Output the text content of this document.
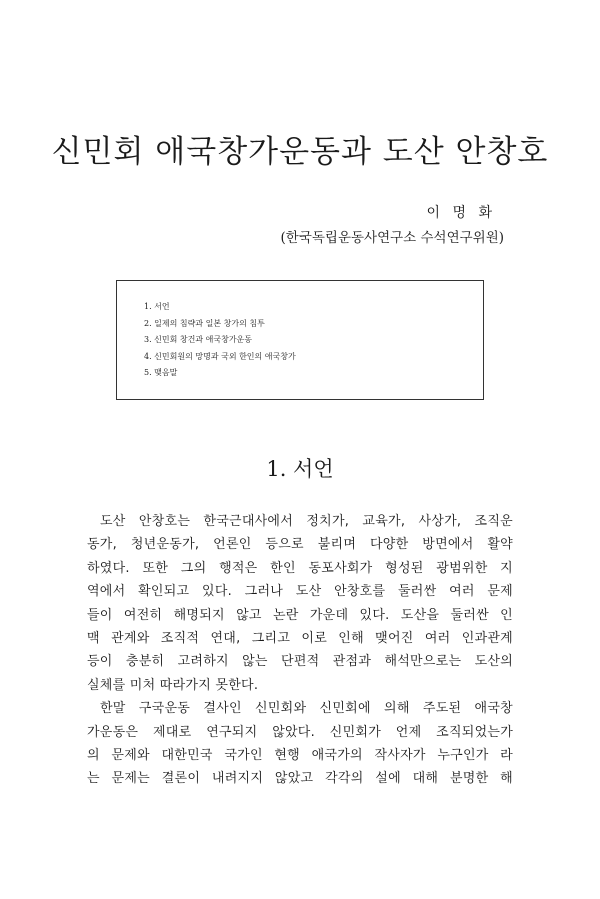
신민회 애국창가운동과 도산 안창호
이 명 화
(한국독립운동사연구소 수석연구위원)
1. 서언
2. 일제의 침략과 일본 창가의 침투
3. 신민회 창건과 애국창가운동
4. 신민회원의 망명과 국외 한인의 애국창가
5. 맺음말
1. 서언
도산 안창호는 한국근대사에서 정치가, 교육가, 사상가, 조직운
동가, 청년운동가, 언론인 등으로 불리며 다양한 방면에서 활약
하였다. 또한 그의 행적은 한인 동포사회가 형성된 광범위한 지
역에서 확인되고 있다. 그러나 도산 안창호를 둘러싼 여러 문제
들이 여전히 해명되지 않고 논란 가운데 있다. 도산을 둘러싼 인
맥 관계와 조직적 연대, 그리고 이로 인해 맺어진 여러 인과관계
등이 충분히 고려하지 않는 단편적 관점과 해석만으로는 도산의
실체를 미처 따라가지 못한다.
한말 구국운동 결사인 신민회와 신민회에 의해 주도된 애국창
가운동은 제대로 연구되지 않았다. 신민회가 언제 조직되었는가
의 문제와 대한민국 국가인 현행 애국가의 작사자가 누구인가 라
는 문제는 결론이 내려지지 않았고 각각의 설에 대해 분명한 해
